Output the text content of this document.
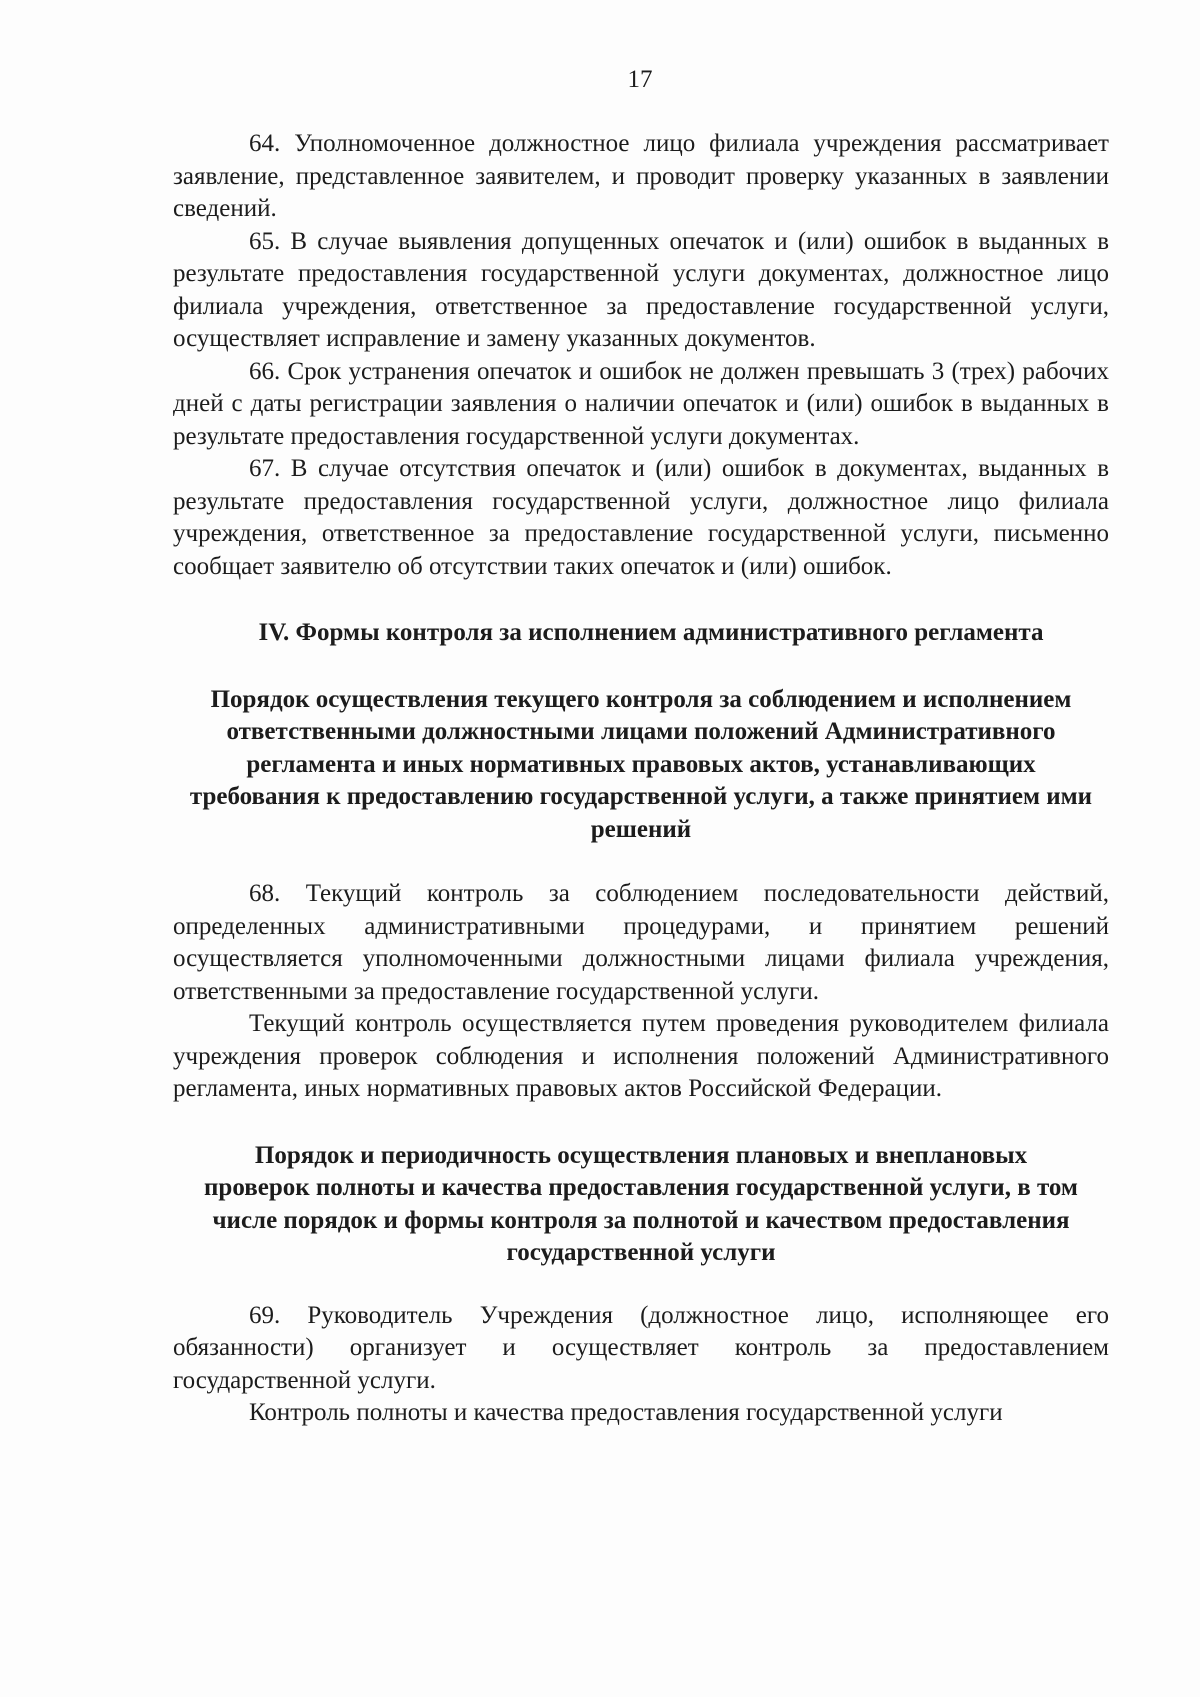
17

64. Уполномоченное должностное лицо филиала учреждения рассматривает заявление, представленное заявителем, и проводит проверку указанных в заявлении сведений.

65. В случае выявления допущенных опечаток и (или) ошибок в выданных в результате предоставления государственной услуги документах, должностное лицо филиала учреждения, ответственное за предоставление государственной услуги, осуществляет исправление и замену указанных документов.

66. Срок устранения опечаток и ошибок не должен превышать 3 (трех) рабочих дней с даты регистрации заявления о наличии опечаток и (или) ошибок в выданных в результате предоставления государственной услуги документах.

67. В случае отсутствия опечаток и (или) ошибок в документах, выданных в результате предоставления государственной услуги, должностное лицо филиала учреждения, ответственное за предоставление государственной услуги, письменно сообщает заявителю об отсутствии таких опечаток и (или) ошибок.

IV. Формы контроля за исполнением административного регламента

Порядок осуществления текущего контроля за соблюдением и исполнением ответственными должностными лицами положений Административного регламента и иных нормативных правовых актов, устанавливающих требования к предоставлению государственной услуги, а также принятием ими решений

68. Текущий контроль за соблюдением последовательности действий, определенных административными процедурами, и принятием решений осуществляется уполномоченными должностными лицами филиала учреждения, ответственными за предоставление государственной услуги.

Текущий контроль осуществляется путем проведения руководителем филиала учреждения проверок соблюдения и исполнения положений Административного регламента, иных нормативных правовых актов Российской Федерации.

Порядок и периодичность осуществления плановых и внеплановых проверок полноты и качества предоставления государственной услуги, в том числе порядок и формы контроля за полнотой и качеством предоставления государственной услуги

69. Руководитель Учреждения (должностное лицо, исполняющее его обязанности) организует и осуществляет контроль за предоставлением государственной услуги.

Контроль полноты и качества предоставления государственной услуги
